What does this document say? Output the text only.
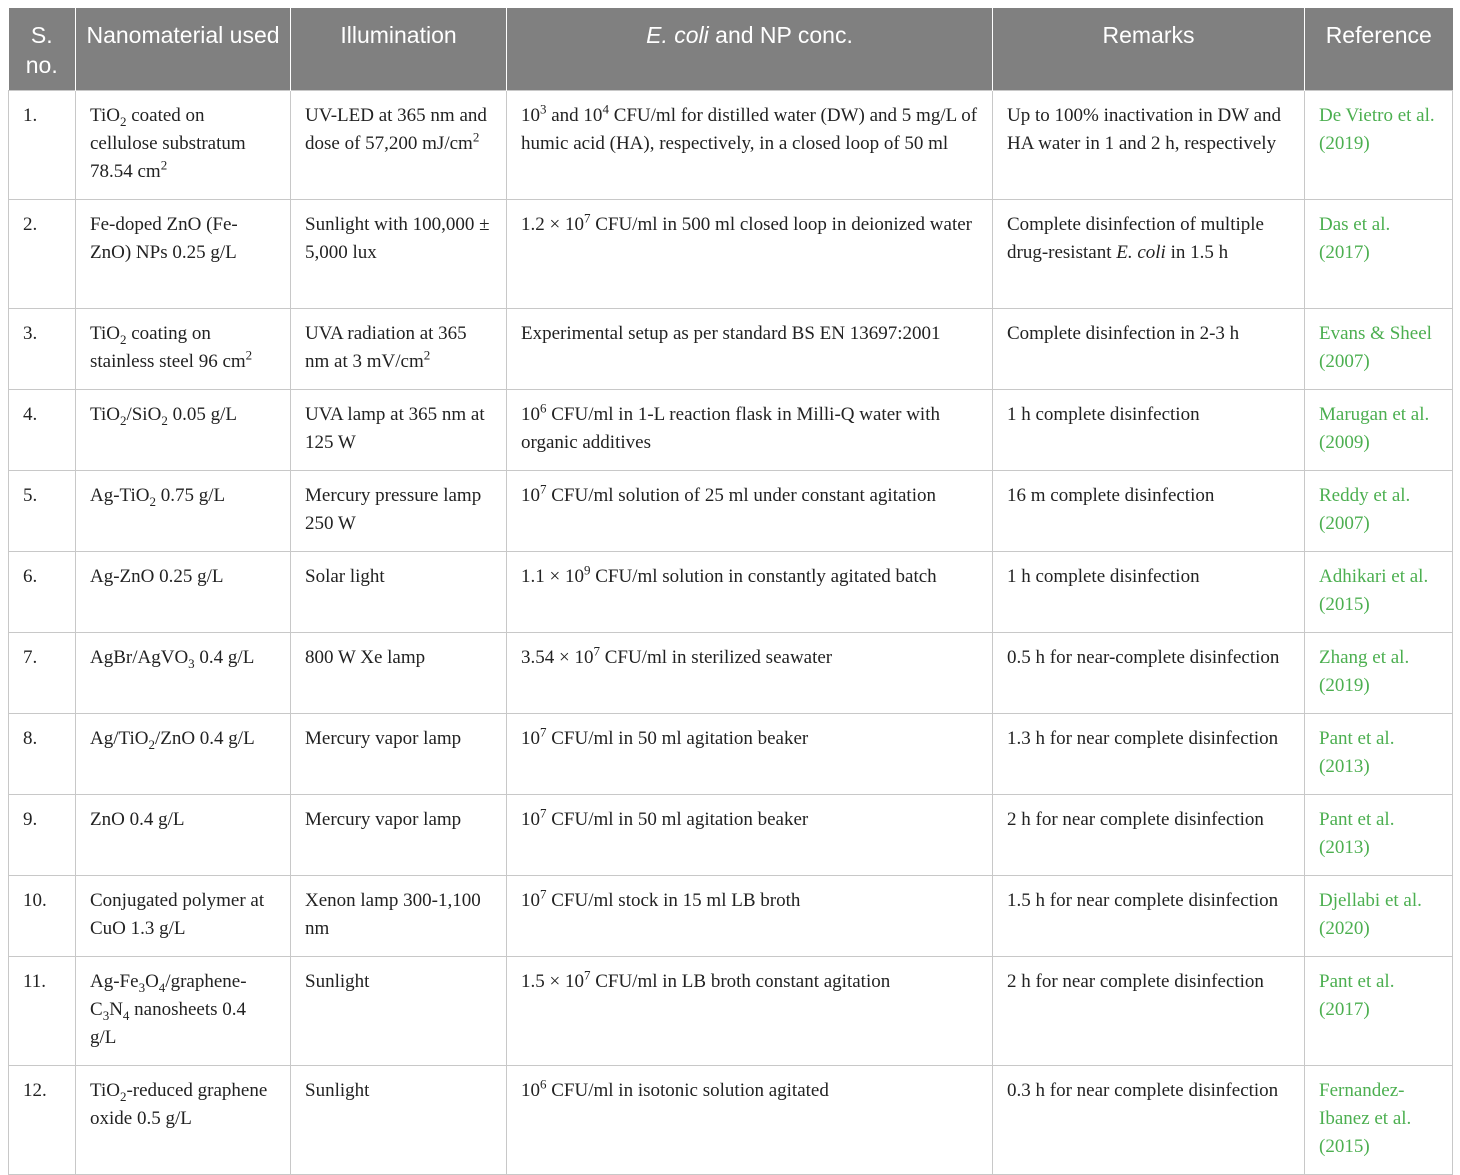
S. no.	Nanomaterial used	Illumination	E. coli and NP conc.	Remarks	Reference
1.	TiO$_2$ coated on cellulose substratum 78.54 $cm^2$	UV-LED at 365 nm and dose of 57,200 $mJ/cm^2$	$10^3$ and $10^4$ CFU/ml for distilled water (DW) and 5 mg/L of humic acid (HA), respectively, in a closed loop of 50 ml	Up to 100% inactivation in DW and HA water in 1 and 2 h, respectively	De Vietro et al. (2019)
2.	Fe-doped ZnO (Fe-ZnO) NPs 0.25 g/L	Sunlight with 100,000 ± 5,000 lux	$1.2 \times 10^7$ CFU/ml in 500 ml closed loop in deionized water	Complete disinfection of multiple drug-resistant E. coli in 1.5 h	Das et al. (2017)
3.	TiO$_2$ coating on stainless steel 96 $cm^2$	UVA radiation at 365 nm at 3 $mV/cm^2$	Experimental setup as per standard BS EN 13697:2001	Complete disinfection in 2-3 h	Evans & Sheel (2007)
4.	TiO$_2$/SiO$_2$ 0.05 g/L	UVA lamp at 365 nm at 125 W	$10^6$ CFU/ml in 1-L reaction flask in Milli-Q water with organic additives	1 h complete disinfection	Marugan et al. (2009)
5.	Ag-TiO$_2$ 0.75 g/L	Mercury pressure lamp 250 W	$10^7$ CFU/ml solution of 25 ml under constant agitation	16 m complete disinfection	Reddy et al. (2007)
6.	Ag-ZnO 0.25 g/L	Solar light	$1.1 \times 10^9$ CFU/ml solution in constantly agitated batch	1 h complete disinfection	Adhikari et al. (2015)
7.	AgBr/AgVO$_3$ 0.4 g/L	800 W Xe lamp	$3.54 \times 10^7$ CFU/ml in sterilized seawater	0.5 h for near-complete disinfection	Zhang et al. (2019)
8.	Ag/TiO$_2$/ZnO 0.4 g/L	Mercury vapor lamp	$10^7$ CFU/ml in 50 ml agitation beaker	1.3 h for near complete disinfection	Pant et al. (2013)
9.	ZnO 0.4 g/L	Mercury vapor lamp	$10^7$ CFU/ml in 50 ml agitation beaker	2 h for near complete disinfection	Pant et al. (2013)
10.	Conjugated polymer at CuO 1.3 g/L	Xenon lamp 300-1,100 nm	$10^7$ CFU/ml stock in 15 ml LB broth	1.5 h for near complete disinfection	Djellabi et al. (2020)
11.	$Ag-Fe_3O_4/graphene-C_3N_4$ nanosheets 0.4 g/L	Sunlight	$1.5 \times 10^7$ CFU/ml in LB broth constant agitation	2 h for near complete disinfection	Pant et al. (2017)
12.	TiO$_2$-reduced graphene oxide 0.5 g/L	Sunlight	$10^6$ CFU/ml in isotonic solution agitated	0.3 h for near complete disinfection	Fernandez-Ibanez et al. (2015)
